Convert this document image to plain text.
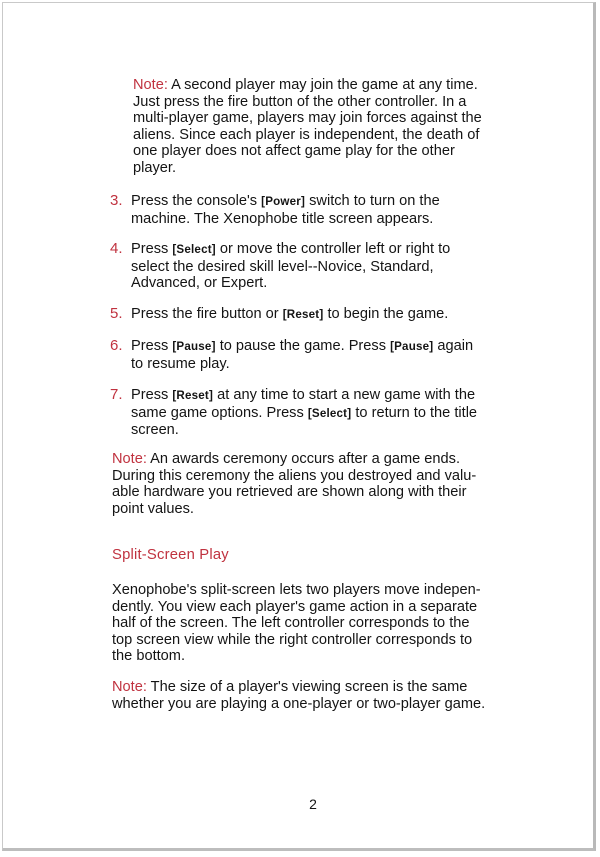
Note: A second player may join the game at any time.
Just press the fire button of the other controller. In a
multi-player game, players may join forces against the
aliens. Since each player is independent, the death of
one player does not affect game play for the other
player.
3. Press the console's [Power] switch to turn on the
machine. The Xenophobe title screen appears.
4. Press [Select] or move the controller left or right to
select the desired skill level--Novice, Standard,
Advanced, or Expert.
5. Press the fire button or [Reset] to begin the game.
6. Press [Pause] to pause the game. Press [Pause] again
to resume play.
7. Press [Reset] at any time to start a new game with the
same game options. Press [Select] to return to the title
screen.
Note: An awards ceremony occurs after a game ends.
During this ceremony the aliens you destroyed and valu-
able hardware you retrieved are shown along with their
point values.
Split-Screen Play
Xenophobe's split-screen lets two players move indepen-
dently. You view each player's game action in a separate
half of the screen. The left controller corresponds to the
top screen view while the right controller corresponds to
the bottom.
Note: The size of a player's viewing screen is the same
whether you are playing a one-player or two-player game.
2
